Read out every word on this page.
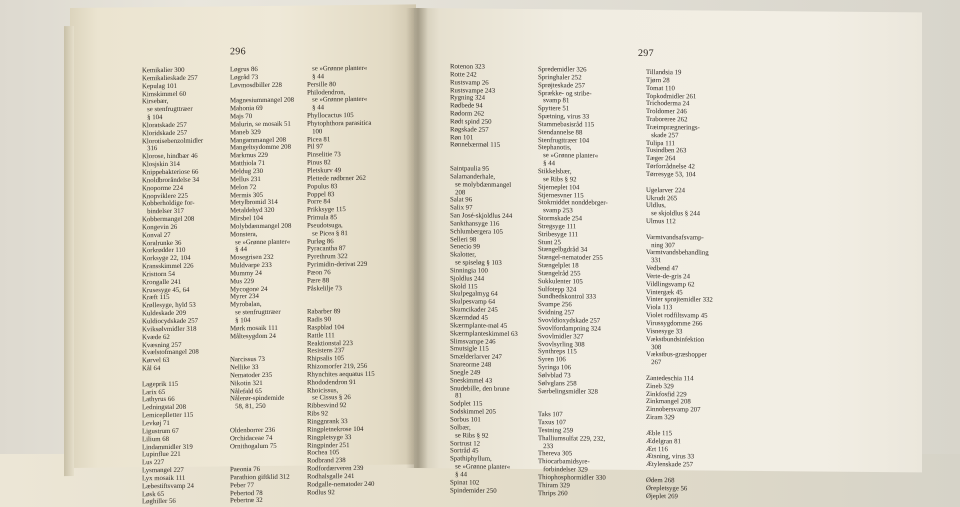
296
Kemikalier 300
Kemikalieskade 257
Kepulag 101
Kimskimmel 60
Kirsebær,
se stenfrugttræer
§ 104
Kloratskade 257
Kloridskade 257
Klorotisebenzolmidler
316
Klorose, hindbær 46
Klosjskin 314
Knippebakteriose 66
Knoldbroråndelse 34
Knoporme 224
Knopviklere 225
Kobberholdige for-
bindelser 317
Kobbermangel 208
Kongevin 26
Konval 27
Koralrunke 36
Korkrødder 110
Korksyge 22, 104
Kransskimmel 226
Kristtorn 54
Krongalle 241
Krusesyge 45, 64
Kræft 115
Krøllesyge, hyld 53
Kuldeskade 209
Kuldiocydskade 257
Kviksølvmidler 318
Kvæde 62
Kvæsning 257
Kvælstofmangel 208
Kørvel 63
Kål 64

Lageprik 115
Larix 65
Lathyrus 66
Ledningstal 208
Lemiceplletter 115
Levkøj 71
Ligustrum 67
Lilium 68
Lindammidler 319
Lupinflue 221
Lus 227
Lysmangel 227
Lyx mosaik 111
Læbestiftsvamp 24
Løsk 65
Løghiller 56
Løgrus 86
Løgråd 73
Løvmosdbiller 228

Magnesiummangel 208
Mahonia 69
Majs 70
Malurin, se mosaik 51
Maneb 329
Mangammangel 208
Mangeltsydomme 208
Markmus 229
Matthiola 71
Meldug 230
Mellus 231
Melon 72
Mermis 305
Metylbromid 314
Metaldehyd 320
Mirsbel 104
Molybdænmangel 208
Monstera,
se »Grønne planter«
§ 44
Mosegrisen 232
Muldvarpe 233
Mummy 24
Mus 229
Mycogone 24
Myrer 234
Myrobalan,
se stenfrugttræer
§ 104
Mørk mosaik 111
Måltesygdom 24

Narcissus 73
Nellike 33
Nematoder 235
Nikotin 321
Nålefald 65
Nålerør-spindemide
58, 81, 250

Oldenborrer 236
Orchidaceae 74
Ornithogalum 75

Paeonia 76
Parathion giftklid 312
Peber 77
Pebertod 78
Pebertræ 32
se »Grønne planter«
§ 44
Persille 80
Philodendron,
se »Grønne planter«
§ 44
Phyllocactus 105
Phytophthora parasitica
100
Picea 81
Pil 97
Pinselitie 73
Pinus 82
Pletskurv 49
Plettede rødbrner 262
Populus 83
Poppel 83
Porre 84
Prikksyge 115
Primula 85
Pseudotsuga,
se Picea § 81
Purløg 86
Pyracantha 87
Pyrethrum 322
Pyrimidin-derivat 229
Pæon 76
Pære 88
Påskelilje 73

Rabarber 89
Radis 90
Raspblad 104
Rattle 111
Reaktionstal 223
Resistens 237
Rhipsalis 105
Rhizomorfer 219, 256
Rhynchites aequatus 115
Rhododendron 91
Rhoicissus,
se Cissus § 26
Ribbesvind 92
Ribs 92
Ringgnrank 33
Ringpletnekrose 104
Ringpletsyge 33
Ringpinder 251
Rochea 105
Rodbrand 238
Rodfordærveren 239
Rodhalsgalle 241
Rodgalle-nematoder 240
Rodlus 92
297
Rotenon 323
Rotte 242
Rustsvamp 26
Rustsvampe 243
Rygning 324
Rødbede 94
Rødorm 262
Rødt spind 250
Røgskade 257
Røn 101
Rønnebærmøl 115

Saintpaulia 95
Salamanderhale,
se molybdænmangel
208
Salat 96
Salix 97
San José-skjoldlus 244
Sankthansyge 116
Schlumbergera 105
Selleri 98
Senecio 99
Skalotter,
se spiseløg § 103
Sinningia 100
Sjoldlus 244
Skold 115
Skulpegalmyg 64
Skulpesvamp 64
Skumcikader 245
Skærmdød 45
Skærmplante-møl 45
Skærmplanteskimmel 63
Slimsvampe 246
Smutsigle 115
Smælderlarver 247
Snareorme 248
Snegle 249
Sneskimmel 43
Snudebille, den brune
81
Sodplet 115
Sodskimmel 205
Sorbus 101
Solbær,
se Ribs § 92
Sortrust 12
Sortråd 45
Spathiphyllum,
se »Grønne planter«
§ 44
Spinat 102
Spindemider 250
Spredemidler 326
Springhaler 252
Sprøjteskade 257
Sprække- og stribe-
svamp 81
Spyttere 51
Spætning, virus 33
Stammebasisråd 115
Stendannelse 88
Stenfrugttræer 104
Stephanotis,
se »Grønne planter«
§ 44
Stikkelsbær,
se Ribs § 92
Stjerneplet 104
Stjernesvner 115
Stokrniddet nonddebrger-
svamp 253
Stormskade 254
Stregsyge 111
Stribesyge 111
Stunt 25
Stængelbgdråd 34
Stængel-nematoder 255
Stængelplet 18
Stængelråd 255
Sukkulenter 105
Sulfotepp 324
Sundhedskontrol 333
Svampe 256
Svidning 257
Svovldioxydskade 257
Svovlfordampning 324
Svovlmidler 327
Svovlsyrling 308
Synthreps 115
Syren 106
Syringa 106
Sølvblad 73
Sølvglans 258
Særbelingsmidler 328

Taks 107
Taxus 107
Testning 259
Thalliumsulfat 229, 232,
233
Thereva 305
Thiocarbamidsyre-
forbindelser 329
Thiophosphormidler 330
Thiram 329
Thrips 260
Tillandsia 19
Tjørn 28
Tomat 110
Topkodmidler 261
Trichoderma 24
Troldomer 246
Traboreree 262
Træimprægnerings-
skade 257
Tulipa 111
Tusindben 263
Tæger 264
Tørforrådnelse 42
Tørresyge 53, 104

Ugelarver 224
Ukrudt 265
Uldlus,
se skjoldlus § 244
Ulmus 112

Varmtvandsafsvamp-
ning 307
Varmtvandsbehandling
331
Vedbend 47
Verte-de-gris 24
Vildlingsvamp 62
Vintergæk 45
Vinter sprøjtemidler 332
Viola 113
Violet rodfiltsvamp 45
Virussygdomme 266
Visnesyge 33
Vækstbundsinfektion
308
Vækstbus-græshopper
267

Zantedeschia 114
Zineb 329
Zinkfosfid 229
Zinkmangel 208
Zinnobersvamp 207
Ziram 329

Æble 115
Ædelgran 81
Ært 116
Ætsning, virus 33
Ætylenskade 257

Ødem 268
Ørepletsyge 56
Øjeplet 269
